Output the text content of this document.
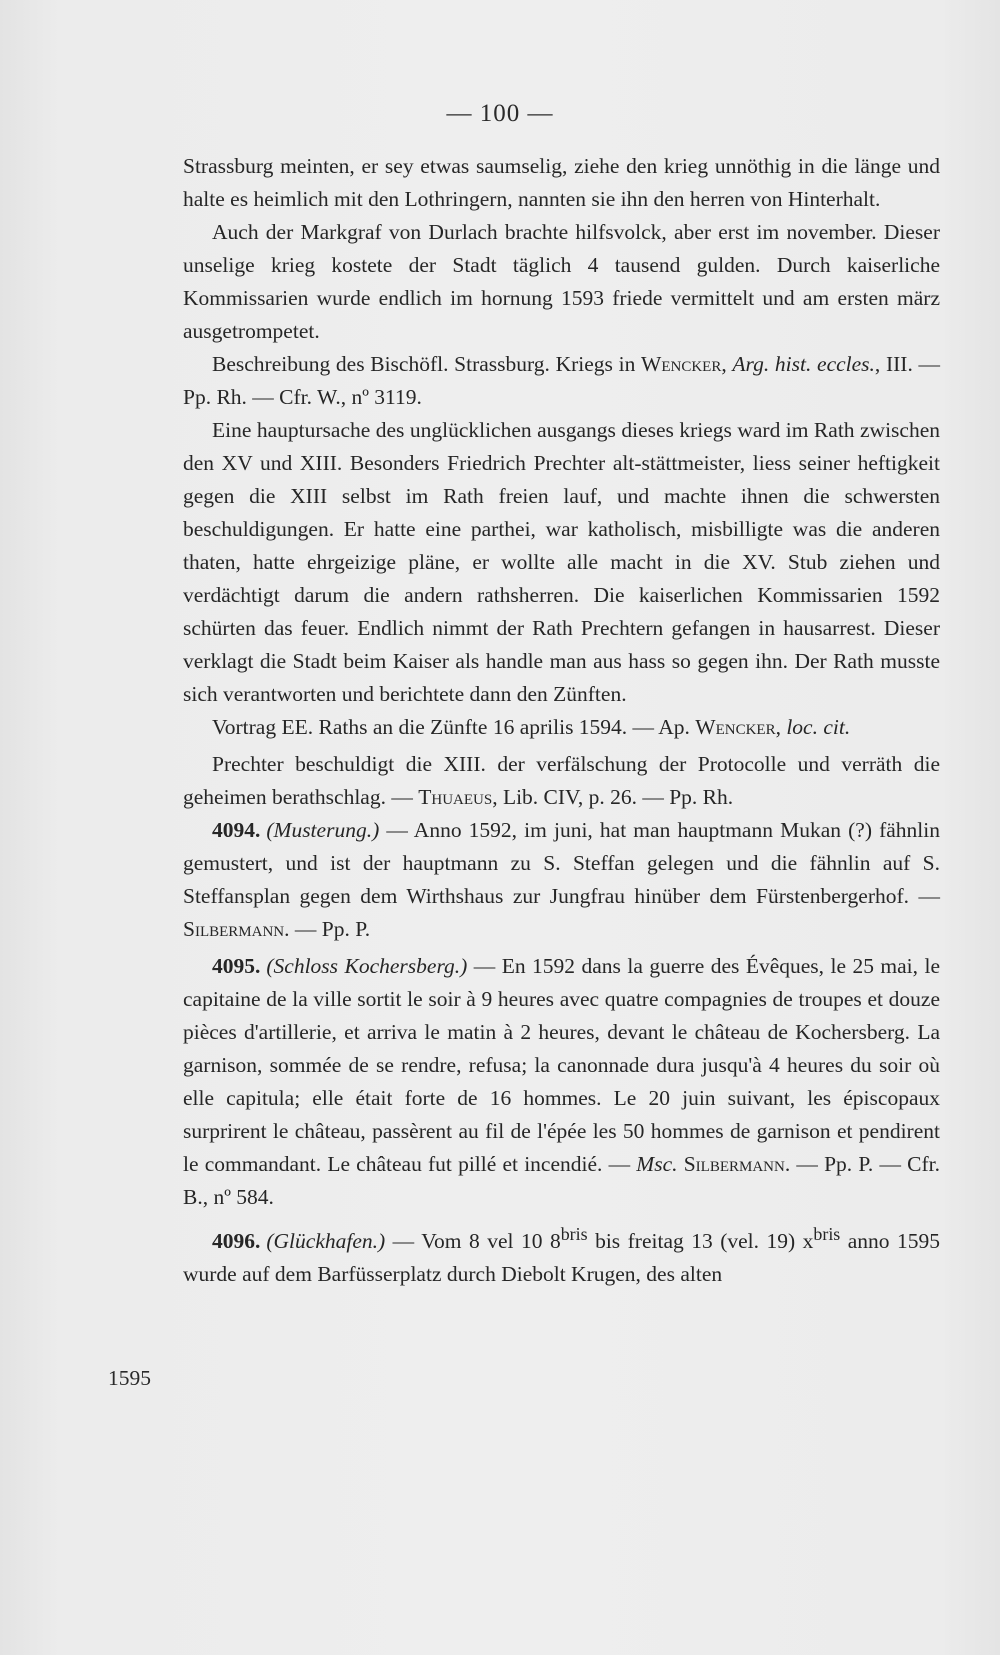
— 100 —
1595

Strassburg meinten, er sey etwas saumselig, ziehe den krieg unnöthig in die länge und halte es heimlich mit den Lothringern, nannten sie ihn den herren von Hinterhalt.

Auch der Markgraf von Durlach brachte hilfsvolck, aber erst im november. Dieser unselige krieg kostete der Stadt täglich 4 tausend gulden. Durch kaiserliche Kommissarien wurde endlich im hornung 1593 friede vermittelt und am ersten märz ausgetrompetet.

Beschreibung des Bischöfl. Strassburg. Kriegs in Wencker, Arg. hist. eccles., III. — Pp. Rh. — Cfr. W., nº 3119.

Eine hauptursache des unglücklichen ausgangs dieses kriegs ward im Rath zwischen den XV und XIII. Besonders Friedrich Prechter alt-stättmeister, liess seiner heftigkeit gegen die XIII selbst im Rath freien lauf, und machte ihnen die schwersten beschuldigungen. Er hatte eine parthei, war katholisch, misbilligte was die anderen thaten, hatte ehrgeizige pläne, er wollte alle macht in die XV. Stub ziehen und verdächtigt darum die andern rathsherren. Die kaiserlichen Kommissarien 1592 schürten das feuer. Endlich nimmt der Rath Prechtern gefangen in hausarrest. Dieser verklagt die Stadt beim Kaiser als handle man aus hass so gegen ihn. Der Rath musste sich verantworten und berichtete dann den Zünften.

Vortrag EE. Raths an die Zünfte 16 aprilis 1594. — Ap. Wencker, loc. cit.

Prechter beschuldigt die XIII. der verfälschung der Protocolle und verräth die geheimen berathschlag. — Thuaeus, Lib. CIV, p. 26. — Pp. Rh.

4094. (Musterung.) — Anno 1592, im juni, hat man hauptmann Mukan (?) fähnlin gemustert, und ist der hauptmann zu S. Steffan gelegen und die fähnlin auf S. Steffansplan gegen dem Wirthshaus zur Jungfrau hinüber dem Fürstenbergerhof. — Silbermann. — Pp. P.

4095. (Schloss Kochersberg.) — En 1592 dans la guerre des Évêques, le 25 mai, le capitaine de la ville sortit le soir à 9 heures avec quatre compagnies de troupes et douze pièces d'artillerie, et arriva le matin à 2 heures, devant le château de Kochersberg. La garnison, sommée de se rendre, refusa; la canonnade dura jusqu'à 4 heures du soir où elle capitula; elle était forte de 16 hommes. Le 20 juin suivant, les épiscopaux surprirent le château, passèrent au fil de l'épée les 50 hommes de garnison et pendirent le commandant. Le château fut pillé et incendié. — Msc. Silbermann. — Pp. P. — Cfr. B., nº 584.

4096. (Glückhafen.) — Vom 8 vel 10 $8^{bris}$ bis freitag 13 (vel. 19) $x^{bris}$ anno 1595 wurde auf dem Barfüsserplatz durch Diebolt Krugen, des alten
